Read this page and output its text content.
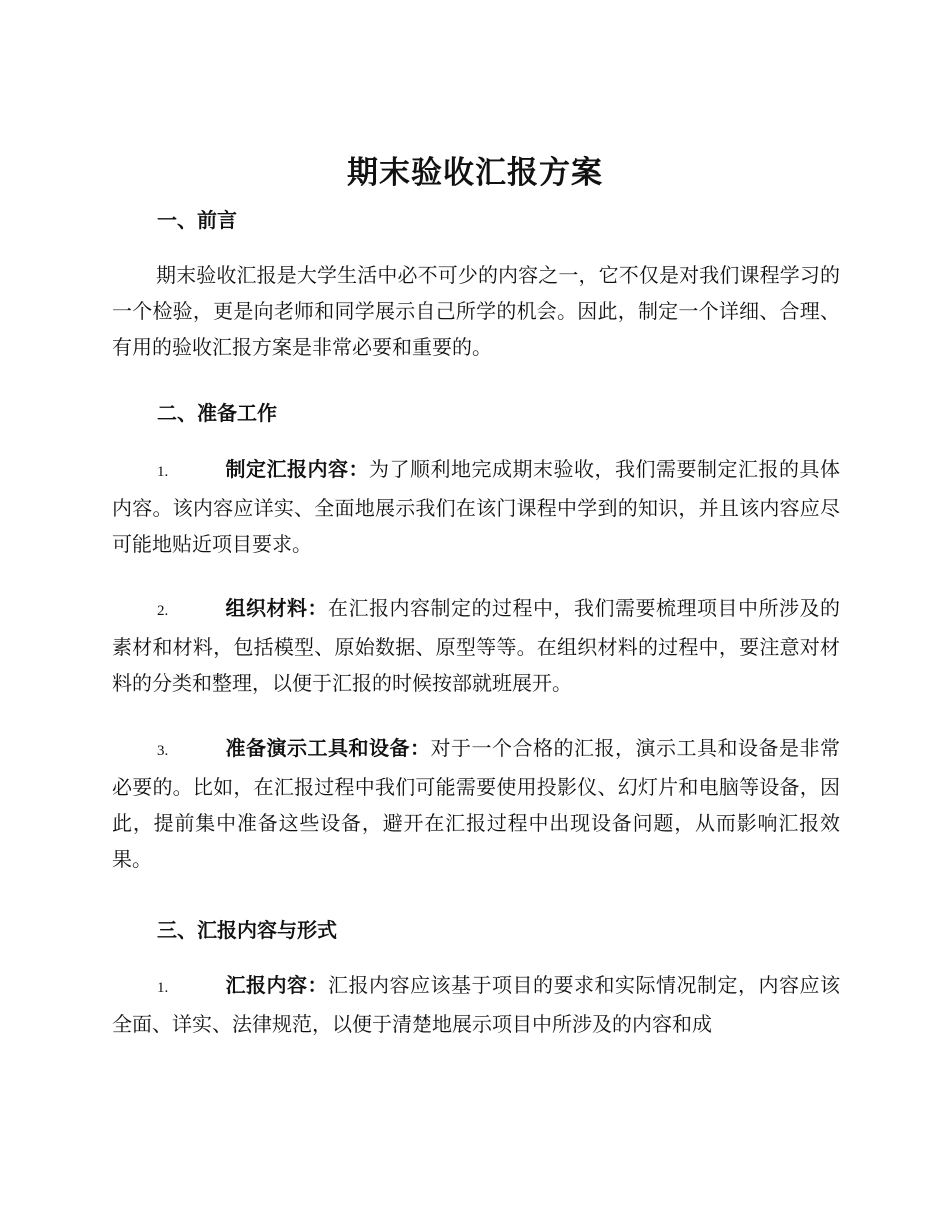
期末验收汇报方案
一、前言
期末验收汇报是大学生活中必不可少的内容之一，它不仅是对我们课程学习的一个检验，更是向老师和同学展示自己所学的机会。因此，制定一个详细、合理、有用的验收汇报方案是非常必要和重要的。
二、准备工作
1.	制定汇报内容：为了顺利地完成期末验收，我们需要制定汇报的具体内容。该内容应详实、全面地展示我们在该门课程中学到的知识，并且该内容应尽可能地贴近项目要求。
2.	组织材料：在汇报内容制定的过程中，我们需要梳理项目中所涉及的素材和材料，包括模型、原始数据、原型等等。在组织材料的过程中，要注意对材料的分类和整理，以便于汇报的时候按部就班展开。
3.	准备演示工具和设备：对于一个合格的汇报，演示工具和设备是非常必要的。比如，在汇报过程中我们可能需要使用投影仪、幻灯片和电脑等设备，因此，提前集中准备这些设备，避开在汇报过程中出现设备问题，从而影响汇报效果。
三、汇报内容与形式
1.	汇报内容：汇报内容应该基于项目的要求和实际情况制定，内容应该全面、详实、法律规范，以便于清楚地展示项目中所涉及的内容和成
